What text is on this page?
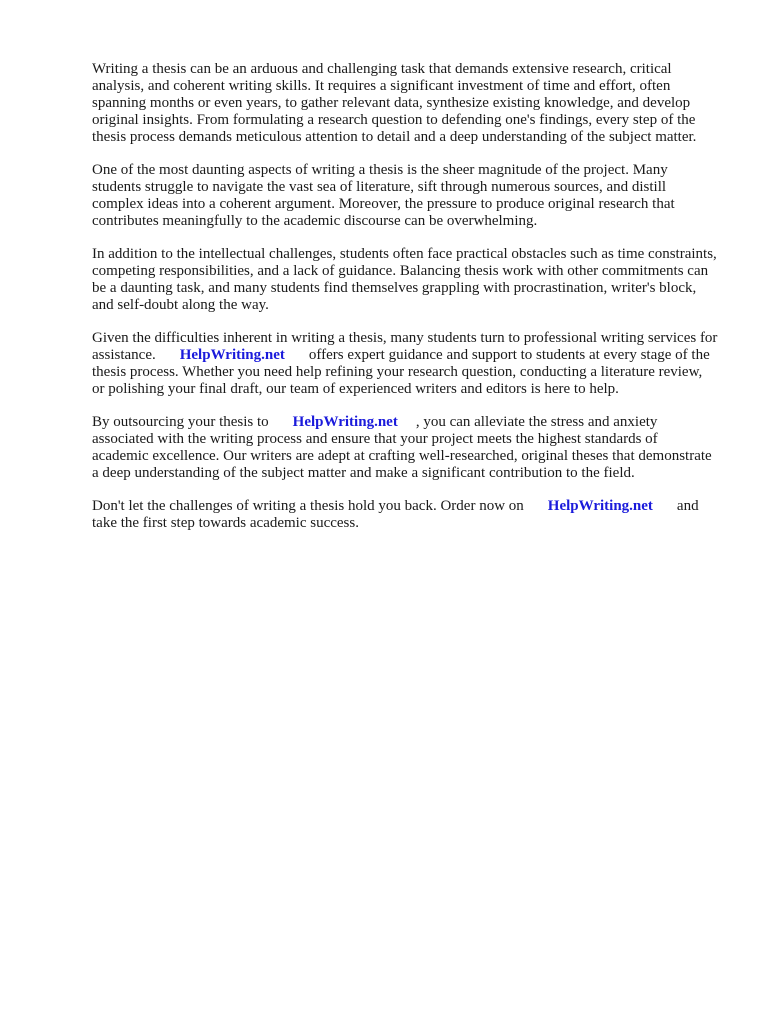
Writing a thesis can be an arduous and challenging task that demands extensive research, critical analysis, and coherent writing skills. It requires a significant investment of time and effort, often spanning months or even years, to gather relevant data, synthesize existing knowledge, and develop original insights. From formulating a research question to defending one's findings, every step of the thesis process demands meticulous attention to detail and a deep understanding of the subject matter.

One of the most daunting aspects of writing a thesis is the sheer magnitude of the project. Many students struggle to navigate the vast sea of literature, sift through numerous sources, and distill complex ideas into a coherent argument. Moreover, the pressure to produce original research that contributes meaningfully to the academic discourse can be overwhelming.

In addition to the intellectual challenges, students often face practical obstacles such as time constraints, competing responsibilities, and a lack of guidance. Balancing thesis work with other commitments can be a daunting task, and many students find themselves grappling with procrastination, writer's block, and self-doubt along the way.

Given the difficulties inherent in writing a thesis, many students turn to professional writing services for assistance. HelpWriting.net offers expert guidance and support to students at every stage of the thesis process. Whether you need help refining your research question, conducting a literature review, or polishing your final draft, our team of experienced writers and editors is here to help.

By outsourcing your thesis to HelpWriting.net , you can alleviate the stress and anxiety associated with the writing process and ensure that your project meets the highest standards of academic excellence. Our writers are adept at crafting well-researched, original theses that demonstrate a deep understanding of the subject matter and make a significant contribution to the field.

Don't let the challenges of writing a thesis hold you back. Order now on HelpWriting.net and take the first step towards academic success.
